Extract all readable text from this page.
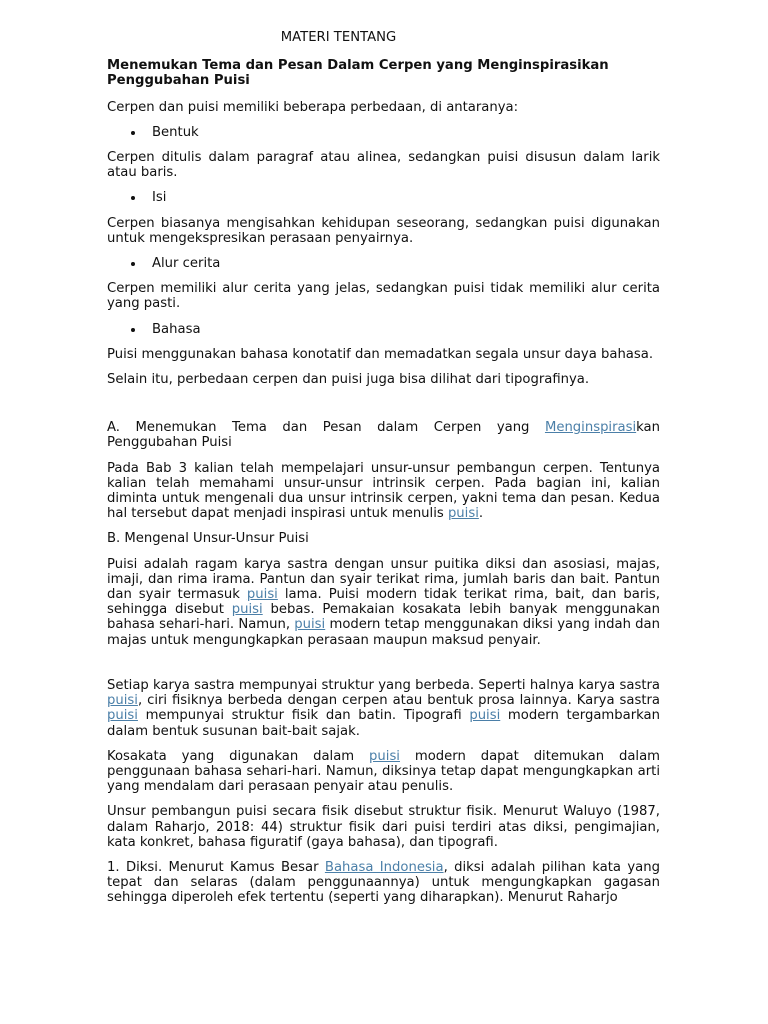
MATERI TENTANG
Menemukan Tema dan Pesan Dalam Cerpen yang Menginspirasikan Penggubahan Puisi

Cerpen dan puisi memiliki beberapa perbedaan, di antaranya:

Bentuk

Cerpen ditulis dalam paragraf atau alinea, sedangkan puisi disusun dalam larik atau baris.

Isi

Cerpen biasanya mengisahkan kehidupan seseorang, sedangkan puisi digunakan untuk mengekspresikan perasaan penyairnya.

Alur cerita

Cerpen memiliki alur cerita yang jelas, sedangkan puisi tidak memiliki alur cerita yang pasti.

Bahasa

Puisi menggunakan bahasa konotatif dan memadatkan segala unsur daya bahasa.

Selain itu, perbedaan cerpen dan puisi juga bisa dilihat dari tipografinya.

A. Menemukan Tema dan Pesan dalam Cerpen yang Menginspirasikan Penggubahan Puisi

Pada Bab 3 kalian telah mempelajari unsur-unsur pembangun cerpen. Tentunya kalian telah memahami unsur-unsur intrinsik cerpen. Pada bagian ini, kalian diminta untuk mengenali dua unsur intrinsik cerpen, yakni tema dan pesan. Kedua hal tersebut dapat menjadi inspirasi untuk menulis puisi.

B. Mengenal Unsur-Unsur Puisi

Puisi adalah ragam karya sastra dengan unsur puitika diksi dan asosiasi, majas, imaji, dan rima irama. Pantun dan syair terikat rima, jumlah baris dan bait. Pantun dan syair termasuk puisi lama. Puisi modern tidak terikat rima, bait, dan baris, sehingga disebut puisi bebas. Pemakaian kosakata lebih banyak menggunakan bahasa sehari-hari. Namun, puisi modern tetap menggunakan diksi yang indah dan majas untuk mengungkapkan perasaan maupun maksud penyair.

Setiap karya sastra mempunyai struktur yang berbeda. Seperti halnya karya sastra puisi, ciri fisiknya berbeda dengan cerpen atau bentuk prosa lainnya. Karya sastra puisi mempunyai struktur fisik dan batin. Tipografi puisi modern tergambarkan dalam bentuk susunan bait-bait sajak.

Kosakata yang digunakan dalam puisi modern dapat ditemukan dalam penggunaan bahasa sehari-hari. Namun, diksinya tetap dapat mengungkapkan arti yang mendalam dari perasaan penyair atau penulis.

Unsur pembangun puisi secara fisik disebut struktur fisik. Menurut Waluyo (1987, dalam Raharjo, 2018: 44) struktur fisik dari puisi terdiri atas diksi, pengimajian, kata konkret, bahasa figuratif (gaya bahasa), dan tipografi.

1. Diksi. Menurut Kamus Besar Bahasa Indonesia, diksi adalah pilihan kata yang tepat dan selaras (dalam penggunaannya) untuk mengungkapkan gagasan sehingga diperoleh efek tertentu (seperti yang diharapkan). Menurut Raharjo
